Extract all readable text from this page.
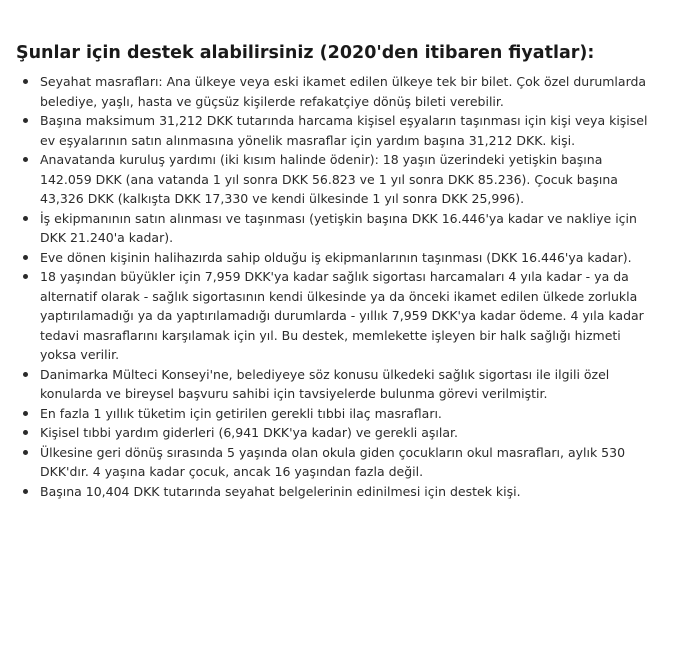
Şunlar için destek alabilirsiniz (2020'den itibaren fiyatlar):
Seyahat masrafları: Ana ülkeye veya eski ikamet edilen ülkeye tek bir bilet. Çok özel durumlarda belediye, yaşlı, hasta ve güçsüz kişilerde refakatçiye dönüş bileti verebilir.
Başına maksimum 31,212 DKK tutarında harcama kişisel eşyaların taşınması için kişi veya kişisel ev eşyalarının satın alınmasına yönelik masraflar için yardım başına 31,212 DKK. kişi.
Anavatanda kuruluş yardımı (iki kısım halinde ödenir): 18 yaşın üzerindeki yetişkin başına 142.059 DKK (ana vatanda 1 yıl sonra DKK 56.823 ve 1 yıl sonra DKK 85.236). Çocuk başına 43,326 DKK (kalkışta DKK 17,330 ve kendi ülkesinde 1 yıl sonra DKK 25,996).
İş ekipmanının satın alınması ve taşınması (yetişkin başına DKK 16.446'ya kadar ve nakliye için DKK 21.240'a kadar).
Eve dönen kişinin halihazırda sahip olduğu iş ekipmanlarının taşınması (DKK 16.446'ya kadar).
18 yaşından büyükler için 7,959 DKK'ya kadar sağlık sigortası harcamaları 4 yıla kadar - ya da alternatif olarak - sağlık sigortasının kendi ülkesinde ya da önceki ikamet edilen ülkede zorlukla yaptırılamadığı ya da yaptırılamadığı durumlarda - yıllık 7,959 DKK'ya kadar ödeme. 4 yıla kadar tedavi masraflarını karşılamak için yıl. Bu destek, memlekette işleyen bir halk sağlığı hizmeti yoksa verilir.
Danimarka Mülteci Konseyi'ne, belediyeye söz konusu ülkedeki sağlık sigortası ile ilgili özel konularda ve bireysel başvuru sahibi için tavsiyelerde bulunma görevi verilmiştir.
En fazla 1 yıllık tüketim için getirilen gerekli tıbbi ilaç masrafları.
Kişisel tıbbi yardım giderleri (6,941 DKK'ya kadar) ve gerekli aşılar.
Ülkesine geri dönüş sırasında 5 yaşında olan okula giden çocukların okul masrafları, aylık 530 DKK'dır. 4 yaşına kadar çocuk, ancak 16 yaşından fazla değil.
Başına 10,404 DKK tutarında seyahat belgelerinin edinilmesi için destek kişi.
